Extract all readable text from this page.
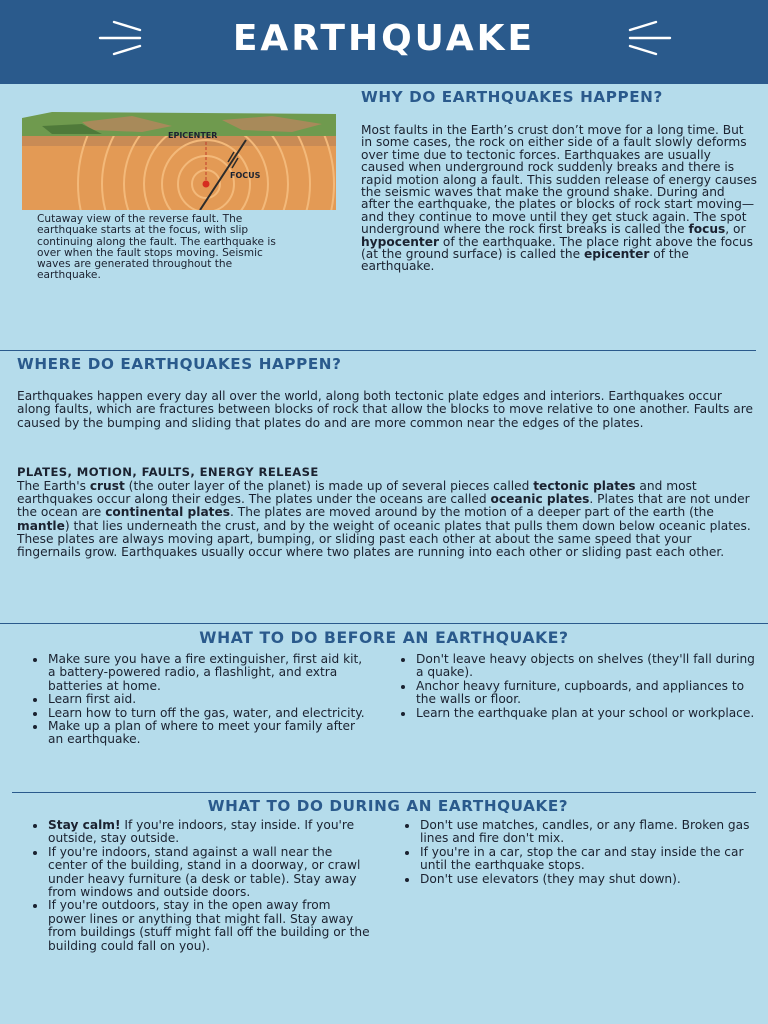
EARTHQUAKE
EPICENTER
FOCUS
Cutaway view of the reverse fault. The earthquake starts at the focus, with slip continuing along the fault. The earthquake is over when the fault stops moving. Seismic waves are generated throughout the earthquake.
WHY DO EARTHQUAKES HAPPEN?
Most faults in the Earth’s crust don’t move for a long time. But in some cases, the rock on either side of a fault slowly deforms over time due to tectonic forces. Earthquakes are usually caused when underground rock suddenly breaks and there is rapid motion along a fault. This sudden release of energy causes the seismic waves that make the ground shake. During and after the earthquake, the plates or blocks of rock start moving—and they continue to move until they get stuck again. The spot underground where the rock first breaks is called the focus, or hypocenter of the earthquake. The place right above the focus (at the ground surface) is called the epicenter of the earthquake.
WHERE DO EARTHQUAKES HAPPEN?
Earthquakes happen every day all over the world, along both tectonic plate edges and interiors. Earthquakes occur along faults, which are fractures between blocks of rock that allow the blocks to move relative to one another. Faults are caused by the bumping and sliding that plates do and are more common near the edges of the plates.
PLATES, MOTION, FAULTS, ENERGY RELEASE
The Earth's crust (the outer layer of the planet) is made up of several pieces called tectonic plates and most earthquakes occur along their edges. The plates under the oceans are called oceanic plates. Plates that are not under the ocean are continental plates. The plates are moved around by the motion of a deeper part of the earth (the mantle) that lies underneath the crust, and by the weight of oceanic plates that pulls them down below oceanic plates. These plates are always moving apart, bumping, or sliding past each other at about the same speed that your fingernails grow. Earthquakes usually occur where two plates are running into each other or sliding past each other.
WHAT TO DO BEFORE AN EARTHQUAKE?
Make sure you have a fire extinguisher, first aid kit, a battery-powered radio, a flashlight, and extra batteries at home.
Learn first aid.
Learn how to turn off the gas, water, and electricity.
Make up a plan of where to meet your family after an earthquake.
Don't leave heavy objects on shelves (they'll fall during a quake).
Anchor heavy furniture, cupboards, and appliances to the walls or floor.
Learn the earthquake plan at your school or workplace.
WHAT TO DO DURING AN EARTHQUAKE?
Stay calm! If you're indoors, stay inside. If you're outside, stay outside.
If you're indoors, stand against a wall near the center of the building, stand in a doorway, or crawl under heavy furniture (a desk or table). Stay away from windows and outside doors.
If you're outdoors, stay in the open away from power lines or anything that might fall. Stay away from buildings (stuff might fall off the building or the building could fall on you).
Don't use matches, candles, or any flame. Broken gas lines and fire don't mix.
If you're in a car, stop the car and stay inside the car until the earthquake stops.
Don't use elevators (they may shut down).
